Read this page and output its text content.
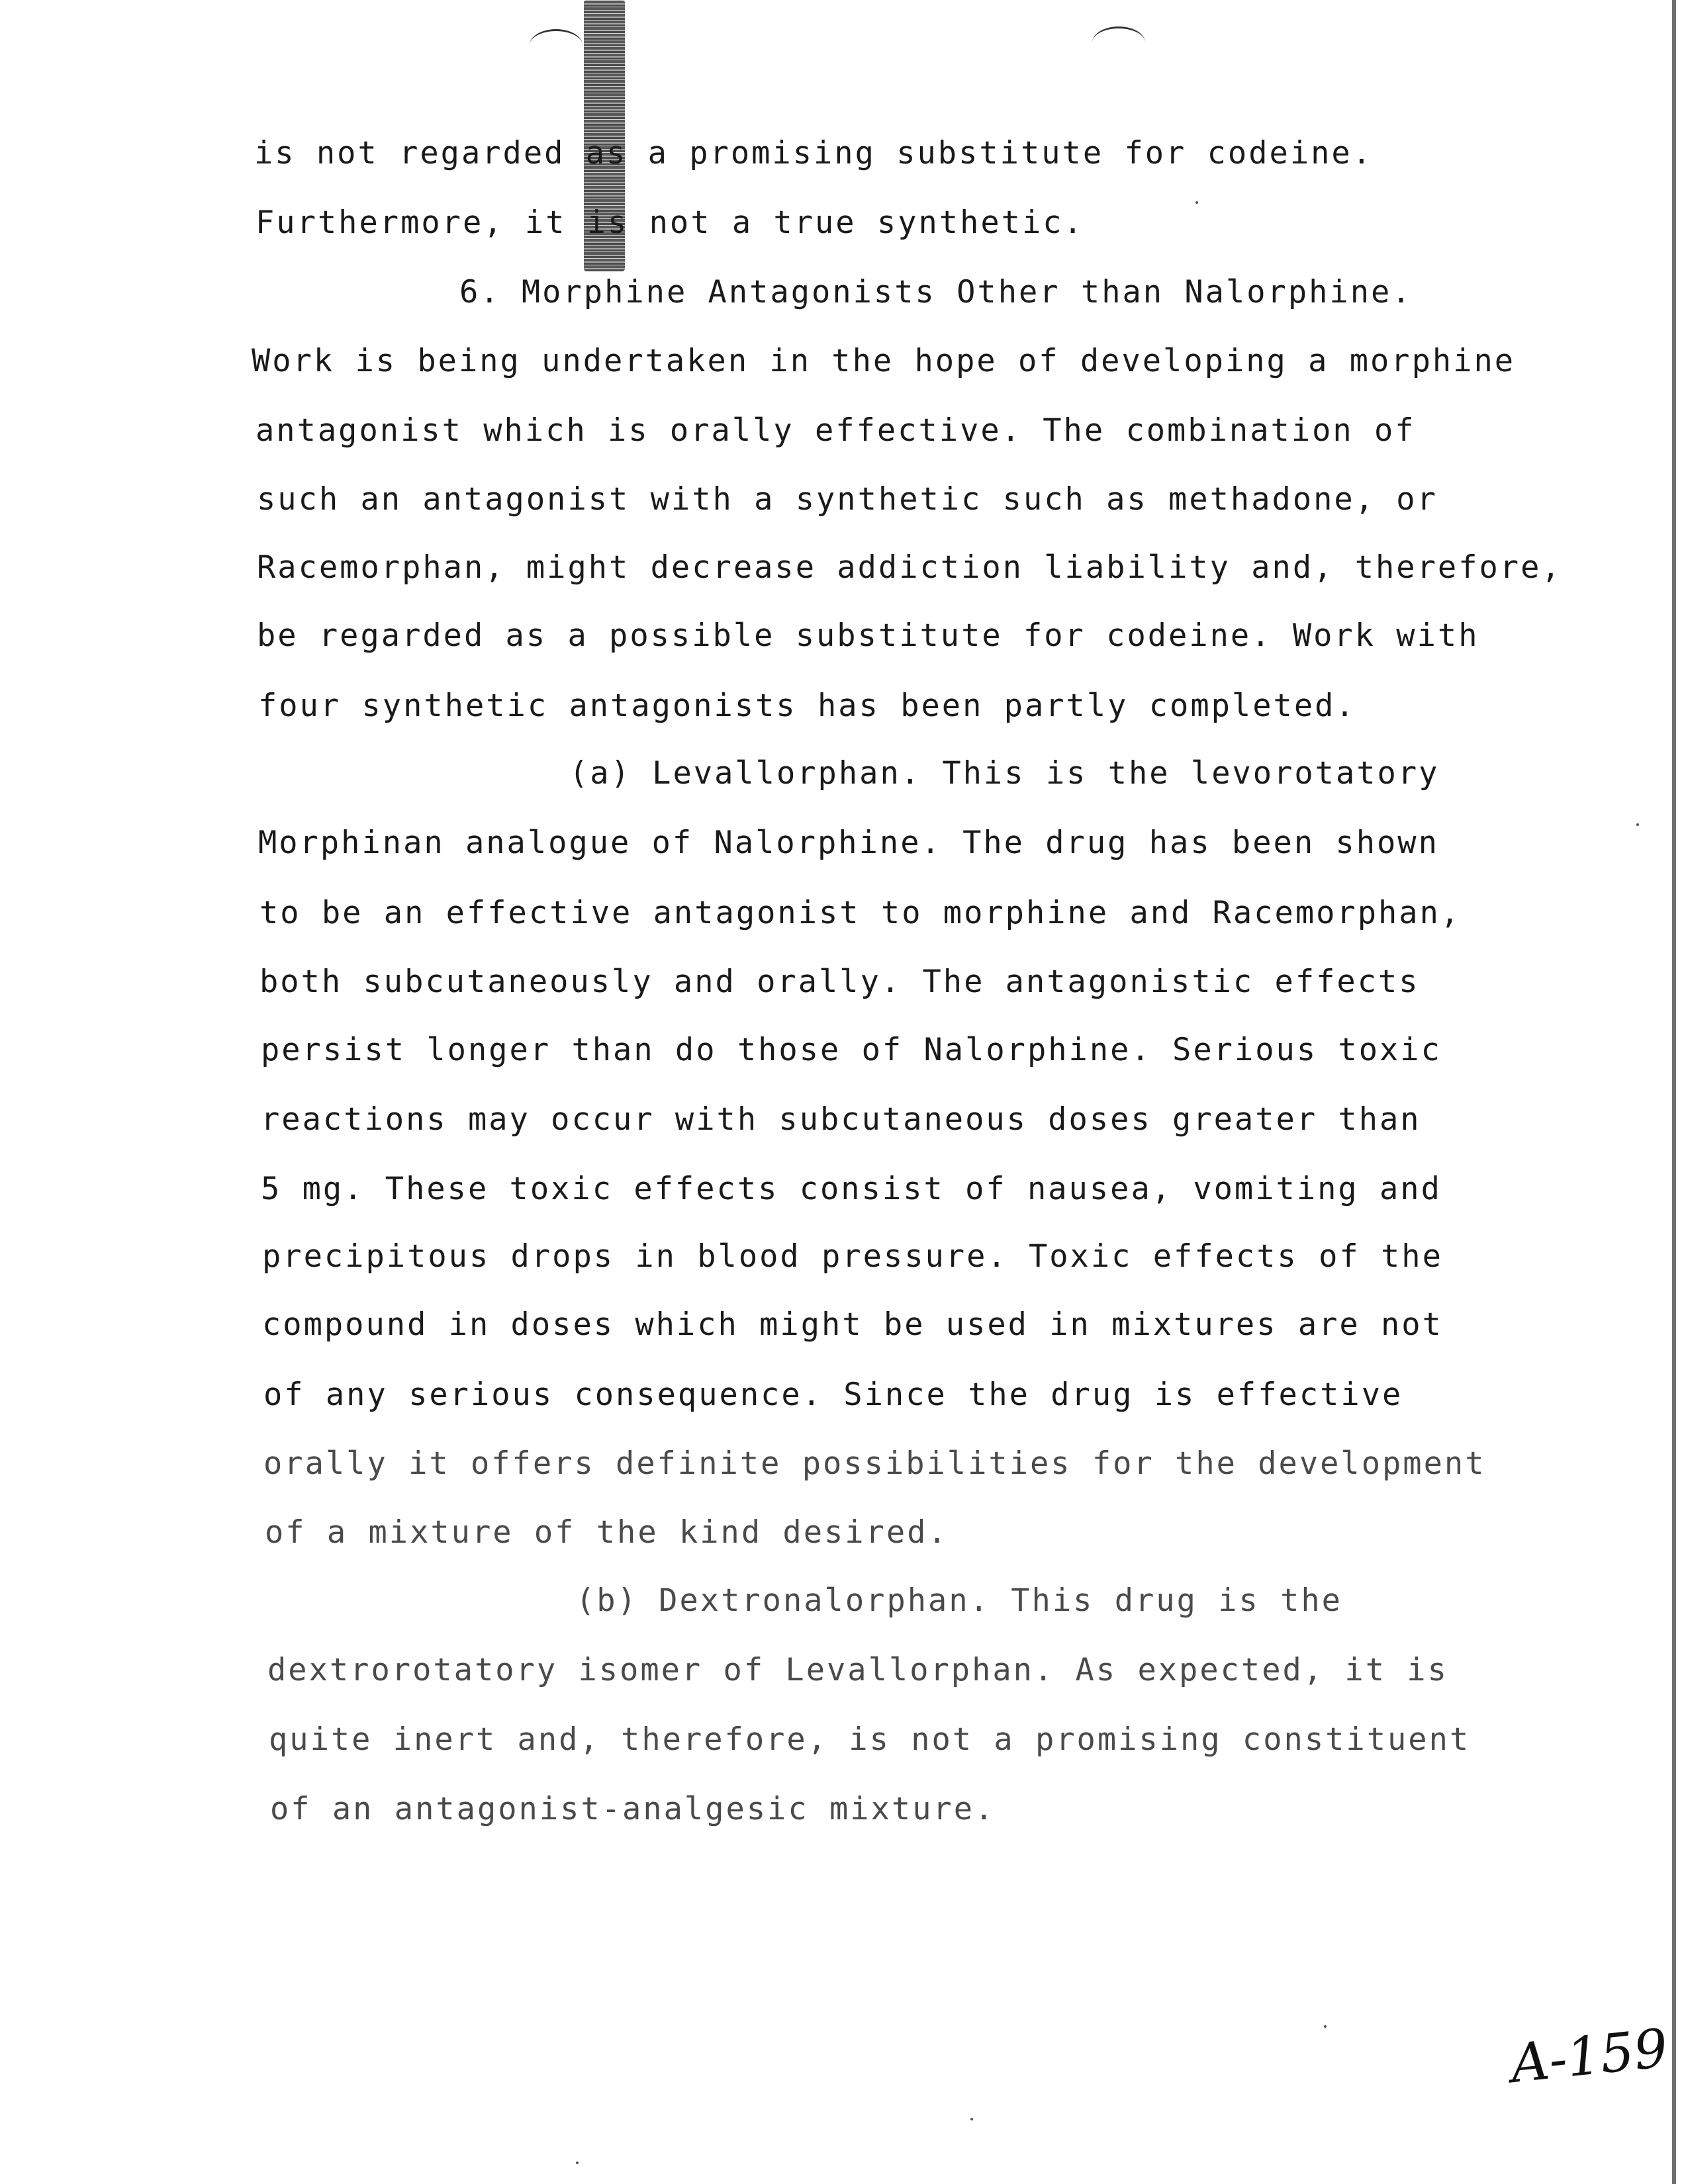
is not regarded as a promising substitute for codeine.
Furthermore, it is not a true synthetic.
6. Morphine Antagonists Other than Nalorphine.
Work is being undertaken in the hope of developing a morphine
antagonist which is orally effective. The combination of
such an antagonist with a synthetic such as methadone, or
Racemorphan, might decrease addiction liability and, therefore,
be regarded as a possible substitute for codeine. Work with
four synthetic antagonists has been partly completed.
(a) Levallorphan. This is the levorotatory
Morphinan analogue of Nalorphine. The drug has been shown
to be an effective antagonist to morphine and Racemorphan,
both subcutaneously and orally. The antagonistic effects
persist longer than do those of Nalorphine. Serious toxic
reactions may occur with subcutaneous doses greater than
5 mg. These toxic effects consist of nausea, vomiting and
precipitous drops in blood pressure. Toxic effects of the
compound in doses which might be used in mixtures are not
of any serious consequence. Since the drug is effective
orally it offers definite possibilities for the development
of a mixture of the kind desired.
(b) Dextronalorphan. This drug is the
dextrorotatory isomer of Levallorphan. As expected, it is
quite inert and, therefore, is not a promising constituent
of an antagonist-analgesic mixture.
A-159
